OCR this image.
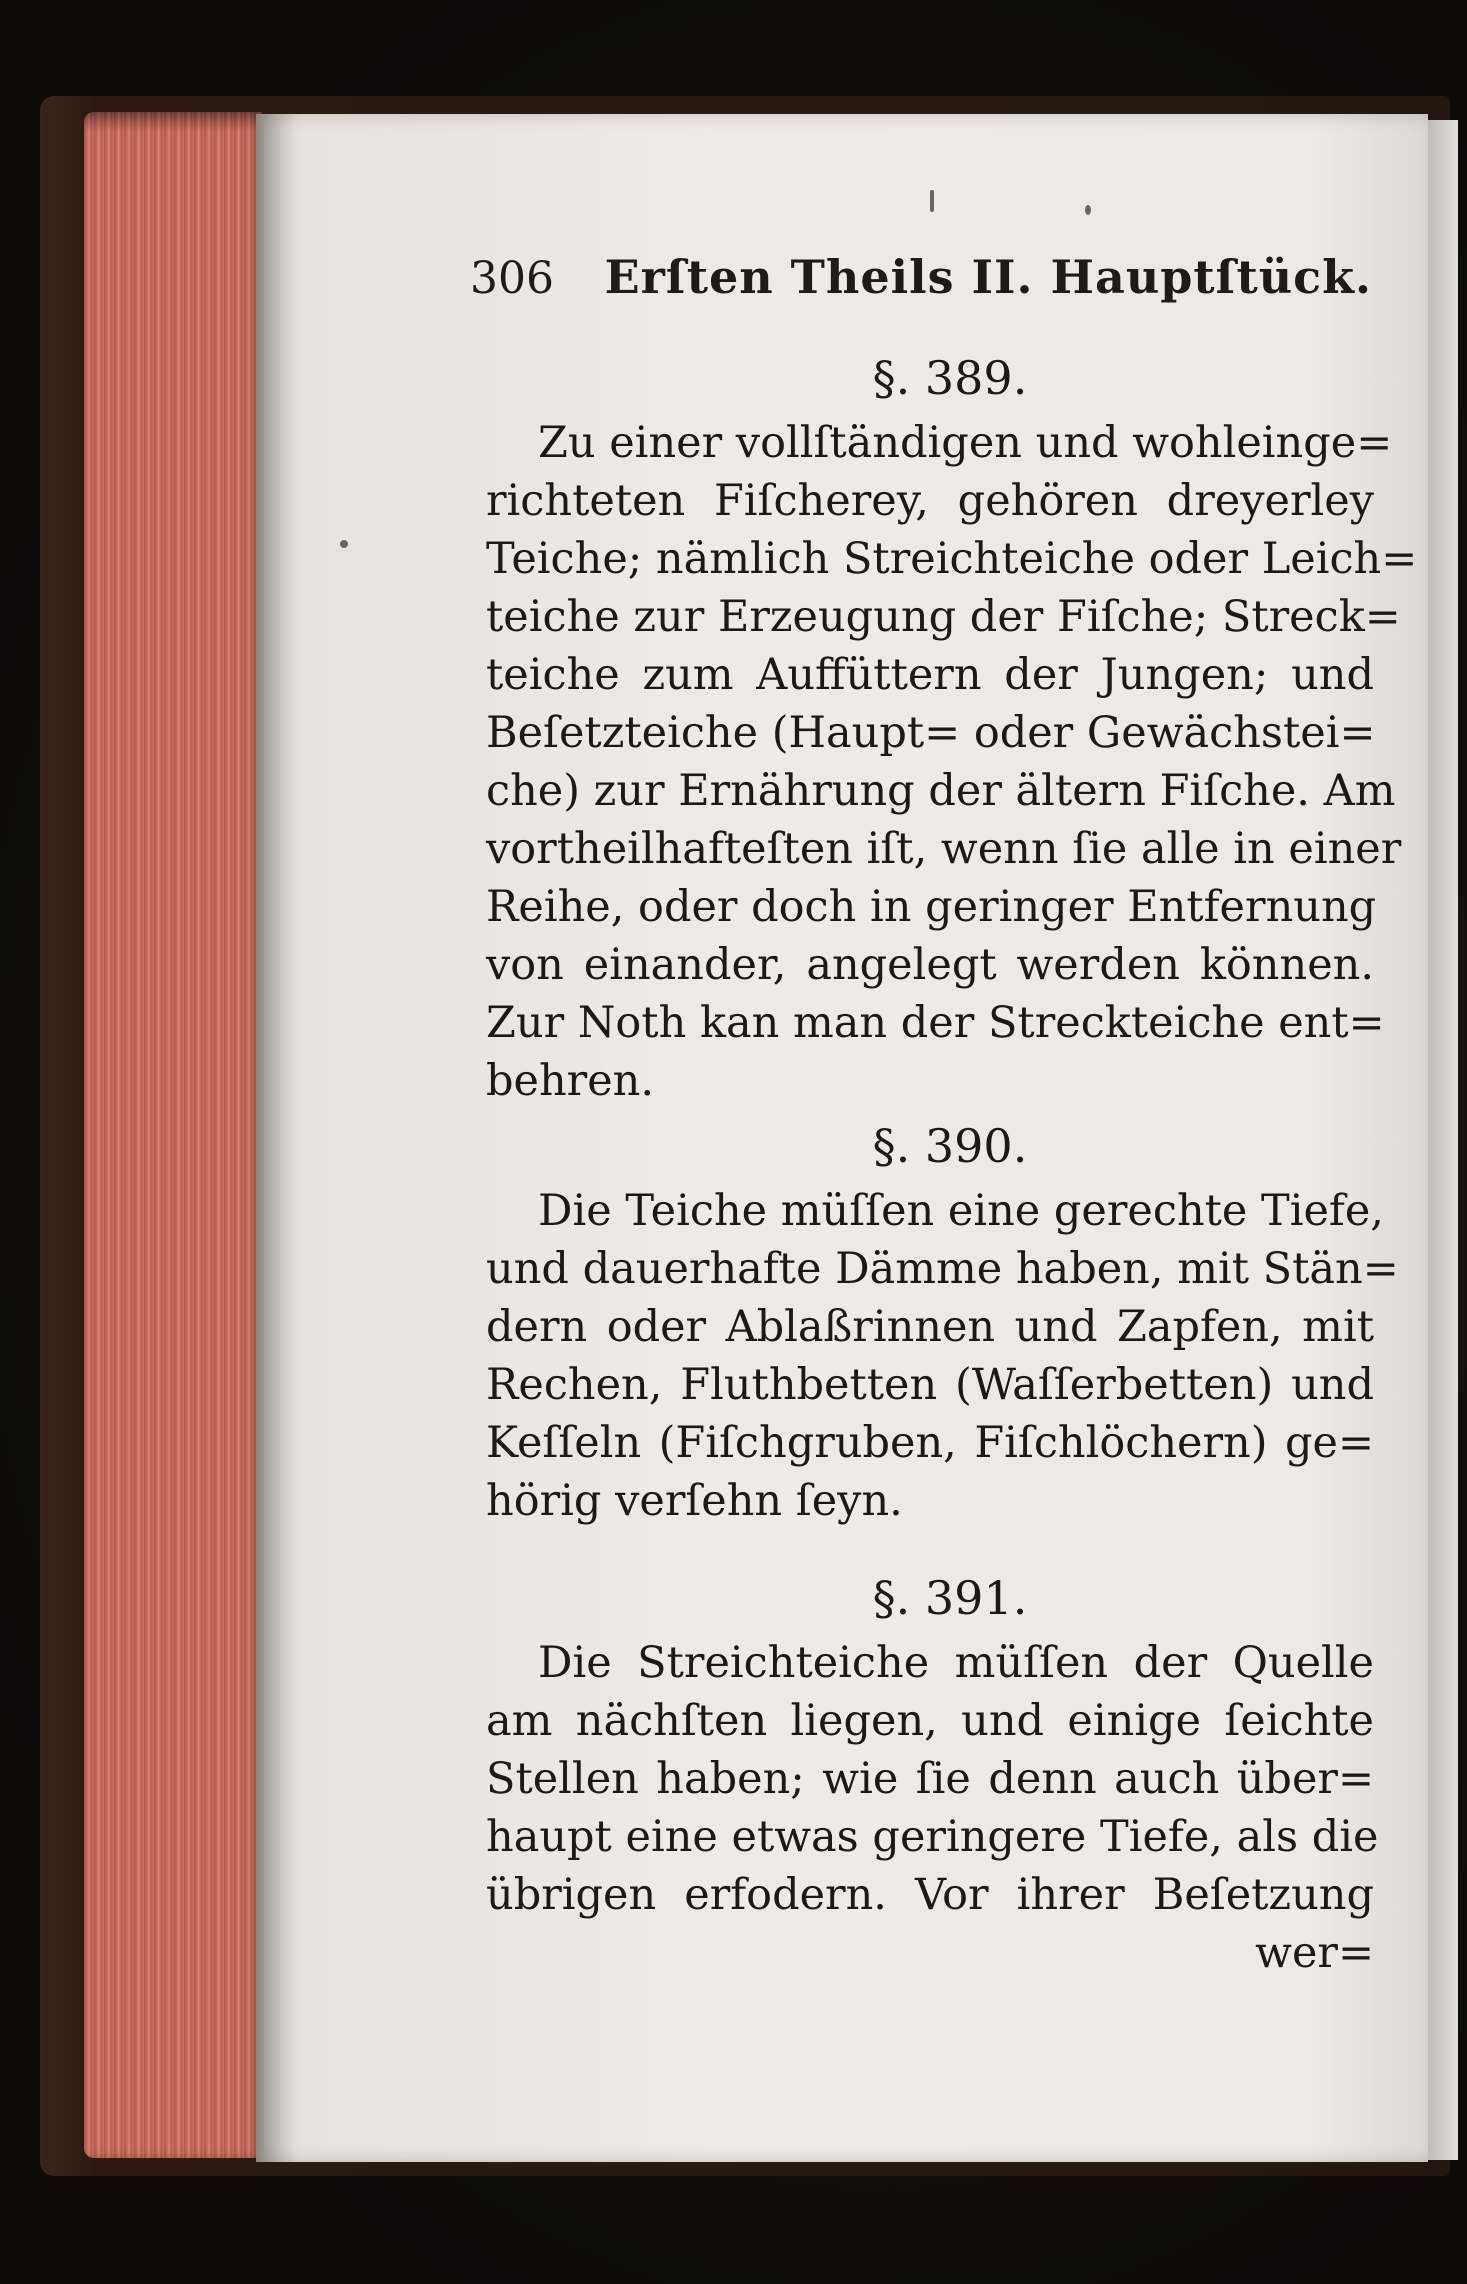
306 Erſten Theils II. Hauptſtück.
§. 389.
Zu einer vollſtändigen und wohleinge=
richteten Fiſcherey, gehören dreyerley
Teiche; nämlich Streichteiche oder Leich=
teiche zur Erzeugung der Fiſche; Streck=
teiche zum Auffüttern der Jungen; und
Beſetzteiche (Haupt= oder Gewächstei=
che) zur Ernährung der ältern Fiſche. Am
vortheilhafteſten iſt, wenn ſie alle in einer
Reihe, oder doch in geringer Entfernung
von einander, angelegt werden können.
Zur Noth kan man der Streckteiche ent=
behren.
§. 390.
Die Teiche müſſen eine gerechte Tiefe,
und dauerhafte Dämme haben, mit Stän=
dern oder Ablaßrinnen und Zapfen, mit
Rechen, Fluthbetten (Waſſerbetten) und
Keſſeln (Fiſchgruben, Fiſchlöchern) ge=
hörig verſehn ſeyn.
§. 391.
Die Streichteiche müſſen der Quelle
am nächſten liegen, und einige ſeichte
Stellen haben; wie ſie denn auch über=
haupt eine etwas geringere Tiefe, als die
übrigen erfodern. Vor ihrer Beſetzung
wer=
